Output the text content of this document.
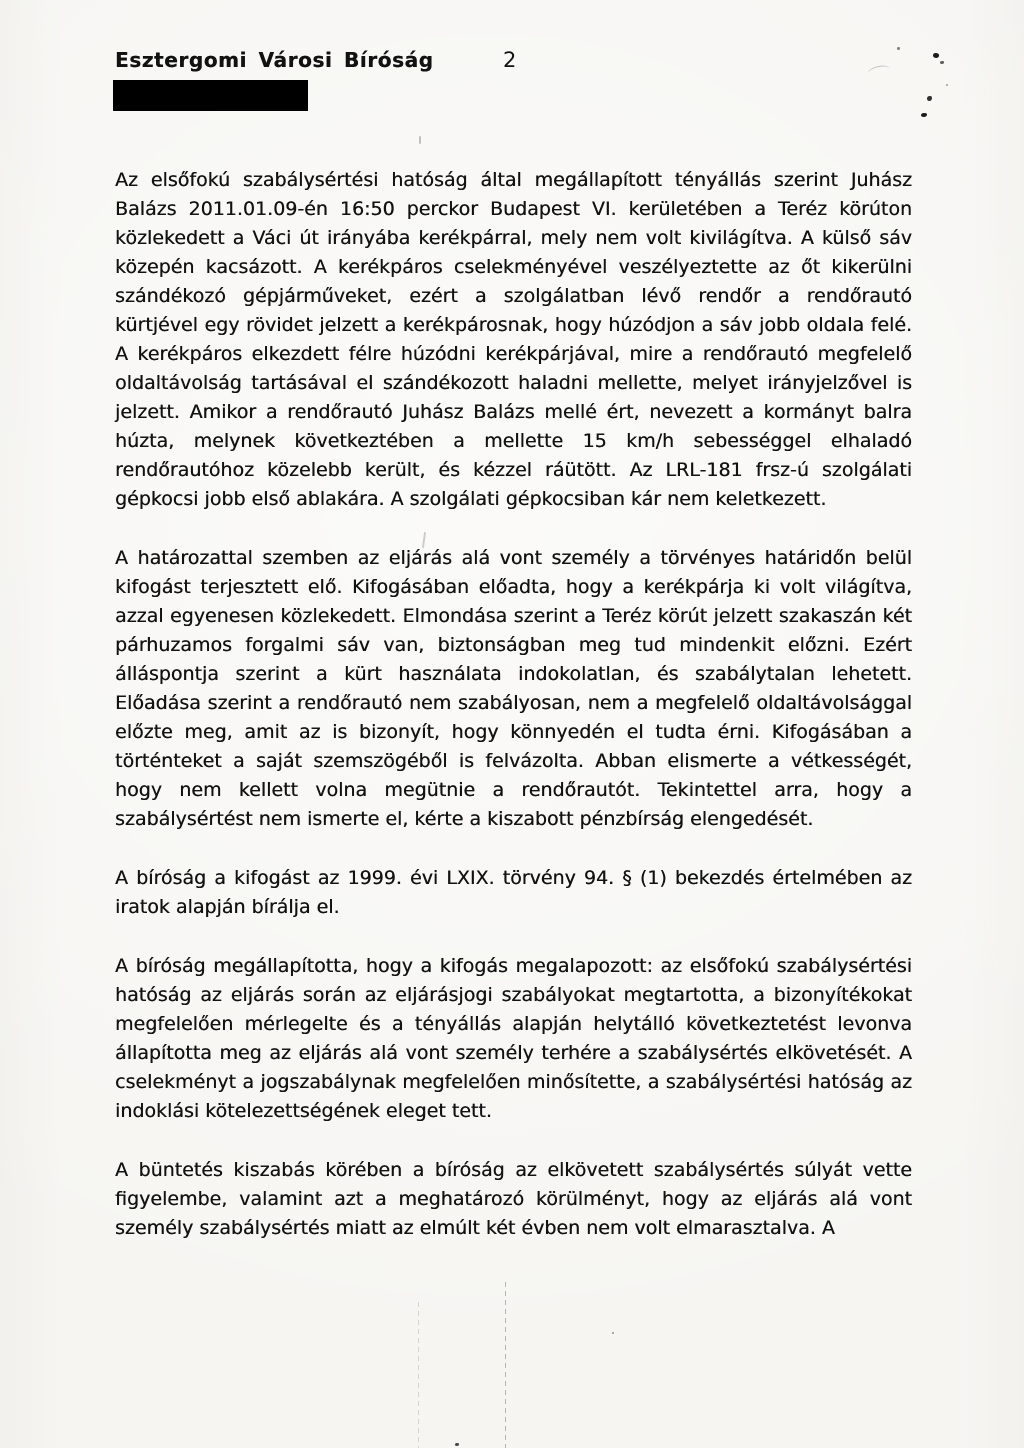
Esztergomi Városi Bíróság	2

Az elsőfokú szabálysértési hatóság által megállapított tényállás szerint Juhász Balázs 2011.01.09-én 16:50 perckor Budapest VI. kerületében a Teréz körúton közlekedett a Váci út irányába kerékpárral, mely nem volt kivilágítva. A külső sáv közepén kacsázott. A kerékpáros cselekményével veszélyeztette az őt kikerülni szándékozó gépjárműveket, ezért a szolgálatban lévő rendőr a rendőrautó kürtjével egy rövidet jelzett a kerékpárosnak, hogy húzódjon a sáv jobb oldala felé. A kerékpáros elkezdett félre húzódni kerékpárjával, mire a rendőrautó megfelelő oldaltávolság tartásával el szándékozott haladni mellette, melyet irányjelzővel is jelzett. Amikor a rendőrautó Juhász Balázs mellé ért, nevezett a kormányt balra húzta, melynek következtében a mellette 15 km/h sebességgel elhaladó rendőrautóhoz közelebb került, és kézzel ráütött. Az LRL-181 frsz-ú szolgálati gépkocsi jobb első ablakára. A szolgálati gépkocsiban kár nem keletkezett.

A határozattal szemben az eljárás alá vont személy a törvényes határidőn belül kifogást terjesztett elő. Kifogásában előadta, hogy a kerékpárja ki volt világítva, azzal egyenesen közlekedett. Elmondása szerint a Teréz körút jelzett szakaszán két párhuzamos forgalmi sáv van, biztonságban meg tud mindenkit előzni. Ezért álláspontja szerint a kürt használata indokolatlan, és szabálytalan lehetett. Előadása szerint a rendőrautó nem szabályosan, nem a megfelelő oldaltávolsággal előzte meg, amit az is bizonyít, hogy könnyedén el tudta érni. Kifogásában a történteket a saját szemszögéből is felvázolta. Abban elismerte a vétkességét, hogy nem kellett volna megütnie a rendőrautót. Tekintettel arra, hogy a szabálysértést nem ismerte el, kérte a kiszabott pénzbírság elengedését.

A bíróság a kifogást az 1999. évi LXIX. törvény 94. § (1) bekezdés értelmében az iratok alapján bírálja el.

A bíróság megállapította, hogy a kifogás megalapozott: az elsőfokú szabálysértési hatóság az eljárás során az eljárásjogi szabályokat megtartotta, a bizonyítékokat megfelelően mérlegelte és a tényállás alapján helytálló következtetést levonva állapította meg az eljárás alá vont személy terhére a szabálysértés elkövetését. A cselekményt a jogszabálynak megfelelően minősítette, a szabálysértési hatóság az indoklási kötelezettségének eleget tett.

A büntetés kiszabás körében a bíróság az elkövetett szabálysértés súlyát vette figyelembe, valamint azt a meghatározó körülményt, hogy az eljárás alá vont személy szabálysértés miatt az elmúlt két évben nem volt elmarasztalva. A
